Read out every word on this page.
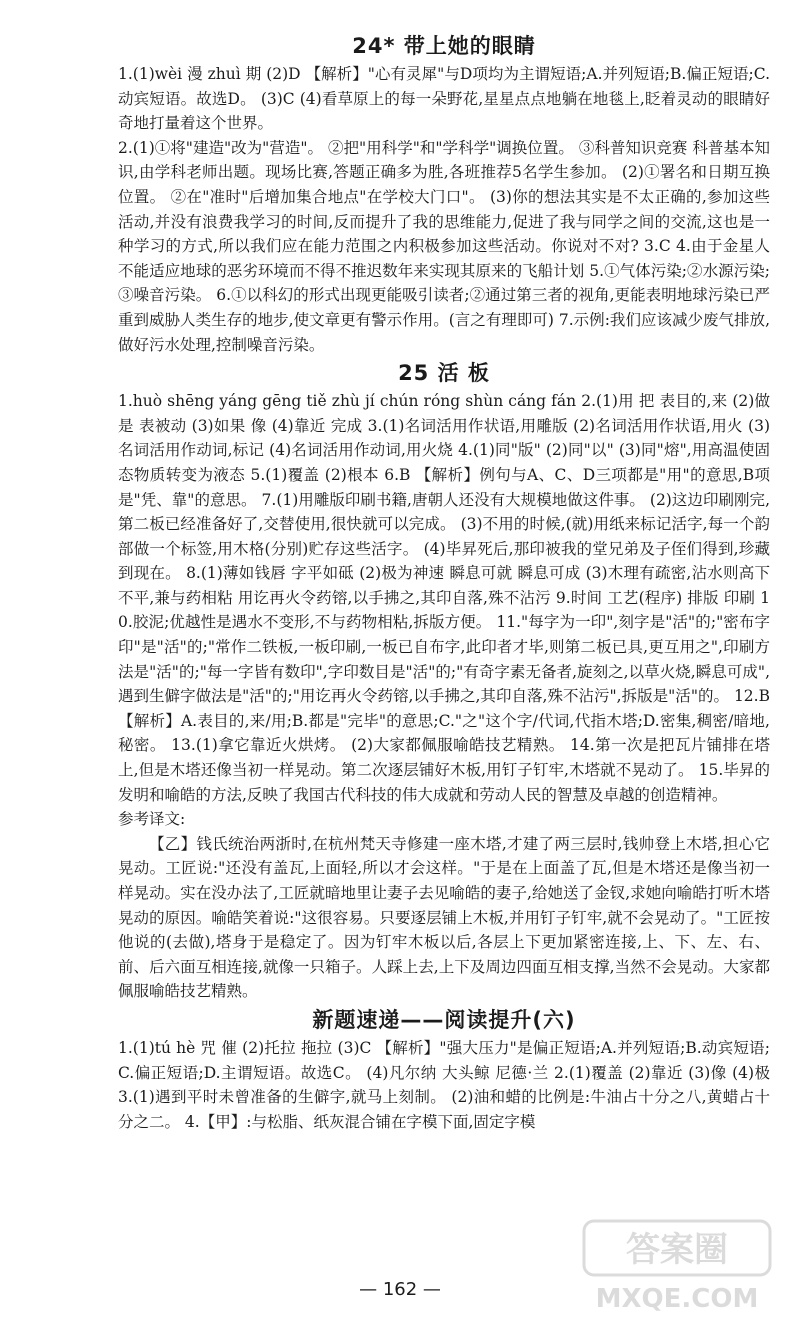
24* 带上她的眼睛

1.(1)wèi 漫 zhuì 期 (2)D 【解析】"心有灵犀"与D项均为主谓短语;A.并列短语;B.偏正短语;C.动宾短语。故选D。 (3)C (4)看草原上的每一朵野花,星星点点地躺在地毯上,眨着灵动的眼睛好奇地打量着这个世界。

2.(1)①将"建造"改为"营造"。 ②把"用科学"和"学科学"调换位置。 ③科普知识竞赛 科普基本知识,由学科老师出题。现场比赛,答题正确多为胜,各班推荐5名学生参加。 (2)①署名和日期互换位置。 ②在"准时"后增加集合地点"在学校大门口"。 (3)你的想法其实是不太正确的,参加这些活动,并没有浪费我学习的时间,反而提升了我的思维能力,促进了我与同学之间的交流,这也是一种学习的方式,所以我们应在能力范围之内积极参加这些活动。你说对不对? 3.C 4.由于金星人不能适应地球的恶劣环境而不得不推迟数年来实现其原来的飞船计划 5.①气体污染;②水源污染;③噪音污染。 6.①以科幻的形式出现更能吸引读者;②通过第三者的视角,更能表明地球污染已严重到威胁人类生存的地步,使文章更有警示作用。(言之有理即可) 7.示例:我们应该减少废气排放,做好污水处理,控制噪音污染。

25 活 板

1.huò shēng yáng gēng tiě zhù jí chún róng shùn cáng fán 2.(1)用 把 表目的,来 (2)做 是 表被动 (3)如果 像 (4)靠近 完成 3.(1)名词活用作状语,用雕版 (2)名词活用作状语,用火 (3)名词活用作动词,标记 (4)名词活用作动词,用火烧 4.(1)同"版" (2)同"以" (3)同"熔",用高温使固态物质转变为液态 5.(1)覆盖 (2)根本 6.B 【解析】例句与A、C、D三项都是"用"的意思,B项是"凭、靠"的意思。 7.(1)用雕版印刷书籍,唐朝人还没有大规模地做这件事。 (2)这边印刷刚完,第二板已经准备好了,交替使用,很快就可以完成。 (3)不用的时候,(就)用纸来标记活字,每一个韵部做一个标签,用木格(分别)贮存这些活字。 (4)毕昇死后,那印被我的堂兄弟及子侄们得到,珍藏到现在。 8.(1)薄如钱唇 字平如砥 (2)极为神速 瞬息可就 瞬息可成 (3)木理有疏密,沾水则高下不平,兼与药相粘 用讫再火令药镕,以手拂之,其印自落,殊不沾污 9.时间 工艺(程序) 排版 印刷 10.胶泥;优越性是遇水不变形,不与药物相粘,拆版方便。 11."每字为一印",刻字是"活"的;"密布字印"是"活"的;"常作二铁板,一板印刷,一板已自布字,此印者才毕,则第二板已具,更互用之",印刷方法是"活"的;"每一字皆有数印",字印数目是"活"的;"有奇字素无备者,旋刻之,以草火烧,瞬息可成",遇到生僻字做法是"活"的;"用讫再火令药镕,以手拂之,其印自落,殊不沾污",拆版是"活"的。 12.B 【解析】A.表目的,来/用;B.都是"完毕"的意思;C."之"这个字/代词,代指木塔;D.密集,稠密/暗地,秘密。 13.(1)拿它靠近火烘烤。 (2)大家都佩服喻皓技艺精熟。 14.第一次是把瓦片铺排在塔上,但是木塔还像当初一样晃动。第二次逐层铺好木板,用钉子钉牢,木塔就不晃动了。 15.毕昇的发明和喻皓的方法,反映了我国古代科技的伟大成就和劳动人民的智慧及卓越的创造精神。

参考译文:

【乙】钱氏统治两浙时,在杭州梵天寺修建一座木塔,才建了两三层时,钱帅登上木塔,担心它晃动。工匠说:"还没有盖瓦,上面轻,所以才会这样。"于是在上面盖了瓦,但是木塔还是像当初一样晃动。实在没办法了,工匠就暗地里让妻子去见喻皓的妻子,给她送了金钗,求她向喻皓打听木塔晃动的原因。喻皓笑着说:"这很容易。只要逐层铺上木板,并用钉子钉牢,就不会晃动了。"工匠按他说的(去做),塔身于是稳定了。因为钉牢木板以后,各层上下更加紧密连接,上、下、左、右、前、后六面互相连接,就像一只箱子。人踩上去,上下及周边四面互相支撑,当然不会晃动。大家都佩服喻皓技艺精熟。

新题速递——阅读提升(六)

1.(1)tú hè 咒 催 (2)托拉 拖拉 (3)C 【解析】"强大压力"是偏正短语;A.并列短语;B.动宾短语;C.偏正短语;D.主谓短语。故选C。 (4)凡尔纳 大头鲸 尼德·兰 2.(1)覆盖 (2)靠近 (3)像 (4)极 3.(1)遇到平时未曾准备的生僻字,就马上刻制。 (2)油和蜡的比例是:牛油占十分之八,黄蜡占十分之二。 4.【甲】:与松脂、纸灰混合铺在字模下面,固定字模

— 162 —
答案圈
MXQE.COM
